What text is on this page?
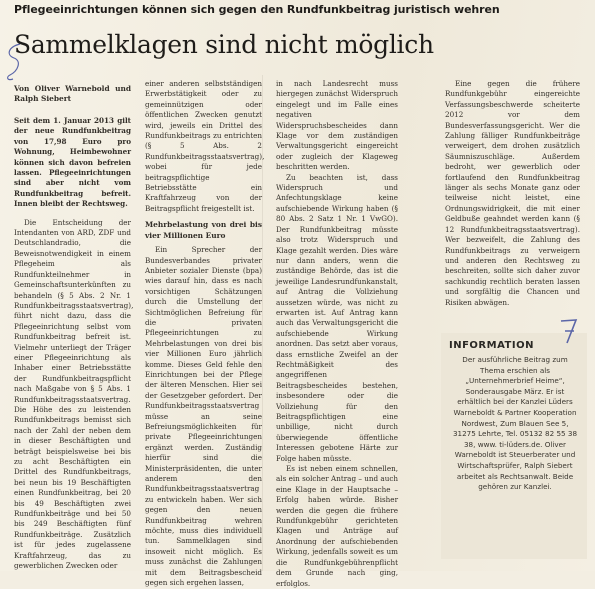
Pflegeeinrichtungen können sich gegen den Rundfunkbeitrag juristisch wehren
Sammelklagen sind nicht möglich
Von Oliver Warnebold und Ralph Siebert

Seit dem 1. Januar 2013 gilt der neue Rundfunkbeitrag von 17,98 Euro pro Wohnung, Heimbewohner können sich davon befreien lassen. Pflegeeinrichtungen sind aber nicht vom Rundfunkbeitrag befreit. Innen bleibt der Rechtsweg.

Die Entscheidung der Intendanten von ARD, ZDF und Deutschlandradio, die Beweisnotwendigkeit in einem Pflegeheim als Rundfunkteilnehmer in Gemeinschaftsunterkünften zu behandeln (§ 5 Abs. 2 Nr. 1 Rundfunkbeitragsstaatsvertrag), führt nicht dazu, dass die Pflegeeinrichtung selbst vom Rundfunkbeitrag befreit ist. Vielmehr unterliegt der Träger einer Pflegeeinrichtung als Inhaber einer Betriebsstätte der Rundfunkbeitragspflicht nach Maßgabe von § 5 Abs. 1 Rundfunkbeitragsstaatsvertrag. Die Höhe des zu leistenden Rundfunkbeitrags bemisst sich nach der Zahl der neben dem in dieser Beschäftigten und beträgt beispielsweise bei bis zu acht Beschäftigten ein Drittel des Rundfunkbeitrags, bei neun bis 19 Beschäftigten einen Rundfunkbeitrag, bei 20 bis 49 Beschäftigten zwei Rundfunkbeiträge und bei 50 bis 249 Beschäftigten fünf Rundfunkbeiträge. Zusätzlich ist für jedes zugelassene Kraftfahrzeug, das zu gewerblichen Zwecken oder

einer anderen selbstständigen Erwerbstätigkeit oder zu gemeinnützigen oder öffentlichen Zwecken genutzt wird, jeweils ein Drittel des Rundfunkbeitrags zu entrichten (§ 5 Abs. 2 Rundfunkbeitragsstaatsvertrag), wobei für jede beitragspflichtige Betriebsstätte ein Kraftfahrzeug von der Beitragspflicht freigestellt ist.

Mehrbelastung von drei bis vier Millionen Euro

Ein Sprecher der Bundesverbandes privater Anbieter sozialer Dienste (bpa) wies darauf hin, dass es nach vorsichtigen Schätzungen durch die Umstellung der Sichtmöglichen Befreiung für die privaten Pflegeeinrichtungen zu Mehrbelastungen von drei bis vier Millionen Euro jährlich komme. Dieses Geld fehle den Einrichtungen bei der Pflege der älteren Menschen. Hier sei der Gesetzgeber gefordert. Der Rundfunkbeitragsstaatsvertrag müsse an seine Befreiungsmöglichkeiten für private Pflegeeinrichtungen ergänzt werden. Zuständig hierfür sind die Ministerpräsidenten, die unter anderem den Rundfunkbeitragsstaatsvertrag zu entwickeln haben. Wer sich gegen den neuen Rundfunkbeitrag wehren möchte, muss dies individuell tun. Sammelklagen sind insoweit nicht möglich. Es muss zunächst die Zahlungen mit dem Beitragsbescheid gegen sich ergehen lassen,

in nach Landesrecht muss hiergegen zunächst Widerspruch eingelegt und im Falle eines negativen Widerspruchsbescheides dann Klage vor dem zuständigen Verwaltungsgericht eingereicht oder zugleich der Klageweg beschritten werden.

Zu beachten ist, dass Widerspruch und Anfechtungsklage keine aufschiebende Wirkung haben (§ 80 Abs. 2 Satz 1 Nr. 1 VwGO). Der Rundfunkbeitrag müsste also trotz Widerspruch und Klage gezahlt werden. Dies wäre nur dann anders, wenn die zuständige Behörde, das ist die jeweilige Landesrundfunkanstalt, auf Antrag die Vollziehung aussetzen würde, was nicht zu erwarten ist. Auf Antrag kann auch das Verwaltungsgericht die aufschiebende Wirkung anordnen. Das setzt aber voraus, dass ernstliche Zweifel an der Rechtmäßigkeit des angegriffenen Beitragsbescheides bestehen, insbesondere oder die Vollziehung für den Beitragspflichtigen eine unbillige, nicht durch überwiegende öffentliche Interessen gebotene Härte zur Folge haben müsste.

Es ist neben einem schnellen, als ein solcher Antrag – und auch eine Klage in der Hauptsache – Erfolg haben würde. Bisher werden die gegen die frühere Rundfunkgebühr gerichteten Klagen und Anträge auf Anordnung der aufschiebenden Wirkung, jedenfalls soweit es um die Rundfunkgebührenpflicht dem Grunde nach ging, erfolglos.

Eine gegen die frühere Rundfunkgebühr eingereichte Verfassungsbeschwerde scheiterte 2012 vor dem Bundesverfassungsgericht. Wer die Zahlung fälliger Rundfunkbeiträge verweigert, dem drohen zusätzlich Säumniszuschläge. Außerdem bedroht, wer gewerblich oder fortlaufend den Rundfunkbeitrag länger als sechs Monate ganz oder teilweise nicht leistet, eine Ordnungswidrigkeit, die mit einer Geldbuße geahndet werden kann (§ 12 Rundfunkbeitragsstaatsvertrag). Wer bezweifelt, die Zahlung des Rundfunkbeitrags zu verweigern und anderen den Rechtsweg zu beschreiten, sollte sich daher zuvor sachkundig rechtlich beraten lassen und sorgfältig die Chancen und Risiken abwägen.

INFORMATION
Der ausführliche Beitrag zum Thema erschien als „Unternehmerbrief Heime“, Sonderausgabe März. Er ist erhältlich bei der Kanzlei Lüders Warneboldt & Partner Kooperation Nordwest, Zum Blauen See 5, 31275 Lehrte, Tel. 05132 82 55 38 38, www. ti-lüders.de. Oliver Warneboldt ist Steuerberater und Wirtschaftsprüfer, Ralph Siebert arbeitet als Rechtsanwalt. Beide gehören zur Kanzlei.
